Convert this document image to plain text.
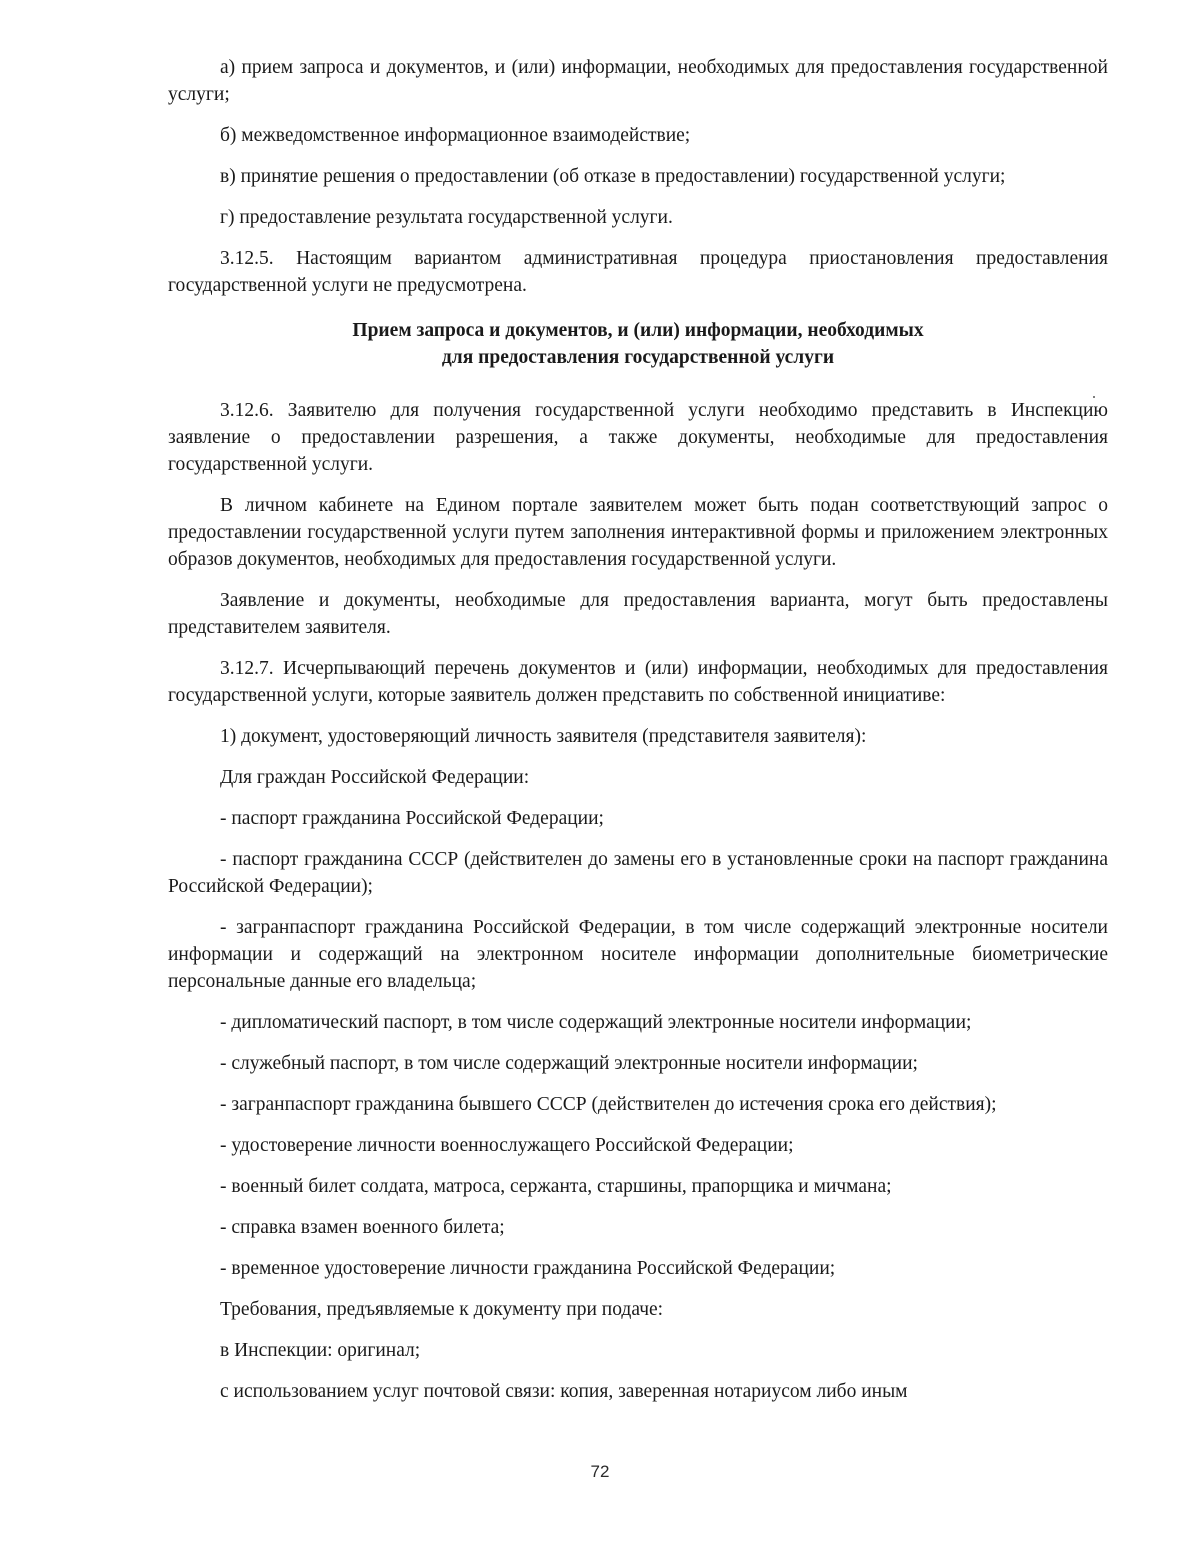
а) прием запроса и документов, и (или) информации, необходимых для предоставления государственной услуги;

б) межведомственное информационное взаимодействие;

в) принятие решения о предоставлении (об отказе в предоставлении) государственной услуги;

г) предоставление результата государственной услуги.

3.12.5. Настоящим вариантом административная процедура приостановления предоставления государственной услуги не предусмотрена.

Прием запроса и документов, и (или) информации, необходимых
для предоставления государственной услуги

3.12.6. Заявителю для получения государственной услуги необходимо представить в Инспекцию заявление о предоставлении разрешения, а также документы, необходимые для предоставления государственной услуги.

В личном кабинете на Едином портале заявителем может быть подан соответствующий запрос о предоставлении государственной услуги путем заполнения интерактивной формы и приложением электронных образов документов, необходимых для предоставления государственной услуги.

Заявление и документы, необходимые для предоставления варианта, могут быть предоставлены представителем заявителя.

3.12.7. Исчерпывающий перечень документов и (или) информации, необходимых для предоставления государственной услуги, которые заявитель должен представить по собственной инициативе:

1) документ, удостоверяющий личность заявителя (представителя заявителя):

Для граждан Российской Федерации:

- паспорт гражданина Российской Федерации;

- паспорт гражданина СССР (действителен до замены его в установленные сроки на паспорт гражданина Российской Федерации);

- загранпаспорт гражданина Российской Федерации, в том числе содержащий электронные носители информации и содержащий на электронном носителе информации дополнительные биометрические персональные данные его владельца;

- дипломатический паспорт, в том числе содержащий электронные носители информации;

- служебный паспорт, в том числе содержащий электронные носители информации;

- загранпаспорт гражданина бывшего СССР (действителен до истечения срока его действия);

- удостоверение личности военнослужащего Российской Федерации;

- военный билет солдата, матроса, сержанта, старшины, прапорщика и мичмана;

- справка взамен военного билета;

- временное удостоверение личности гражданина Российской Федерации;

Требования, предъявляемые к документу при подаче:

в Инспекции: оригинал;

с использованием услуг почтовой связи: копия, заверенная нотариусом либо иным

72
